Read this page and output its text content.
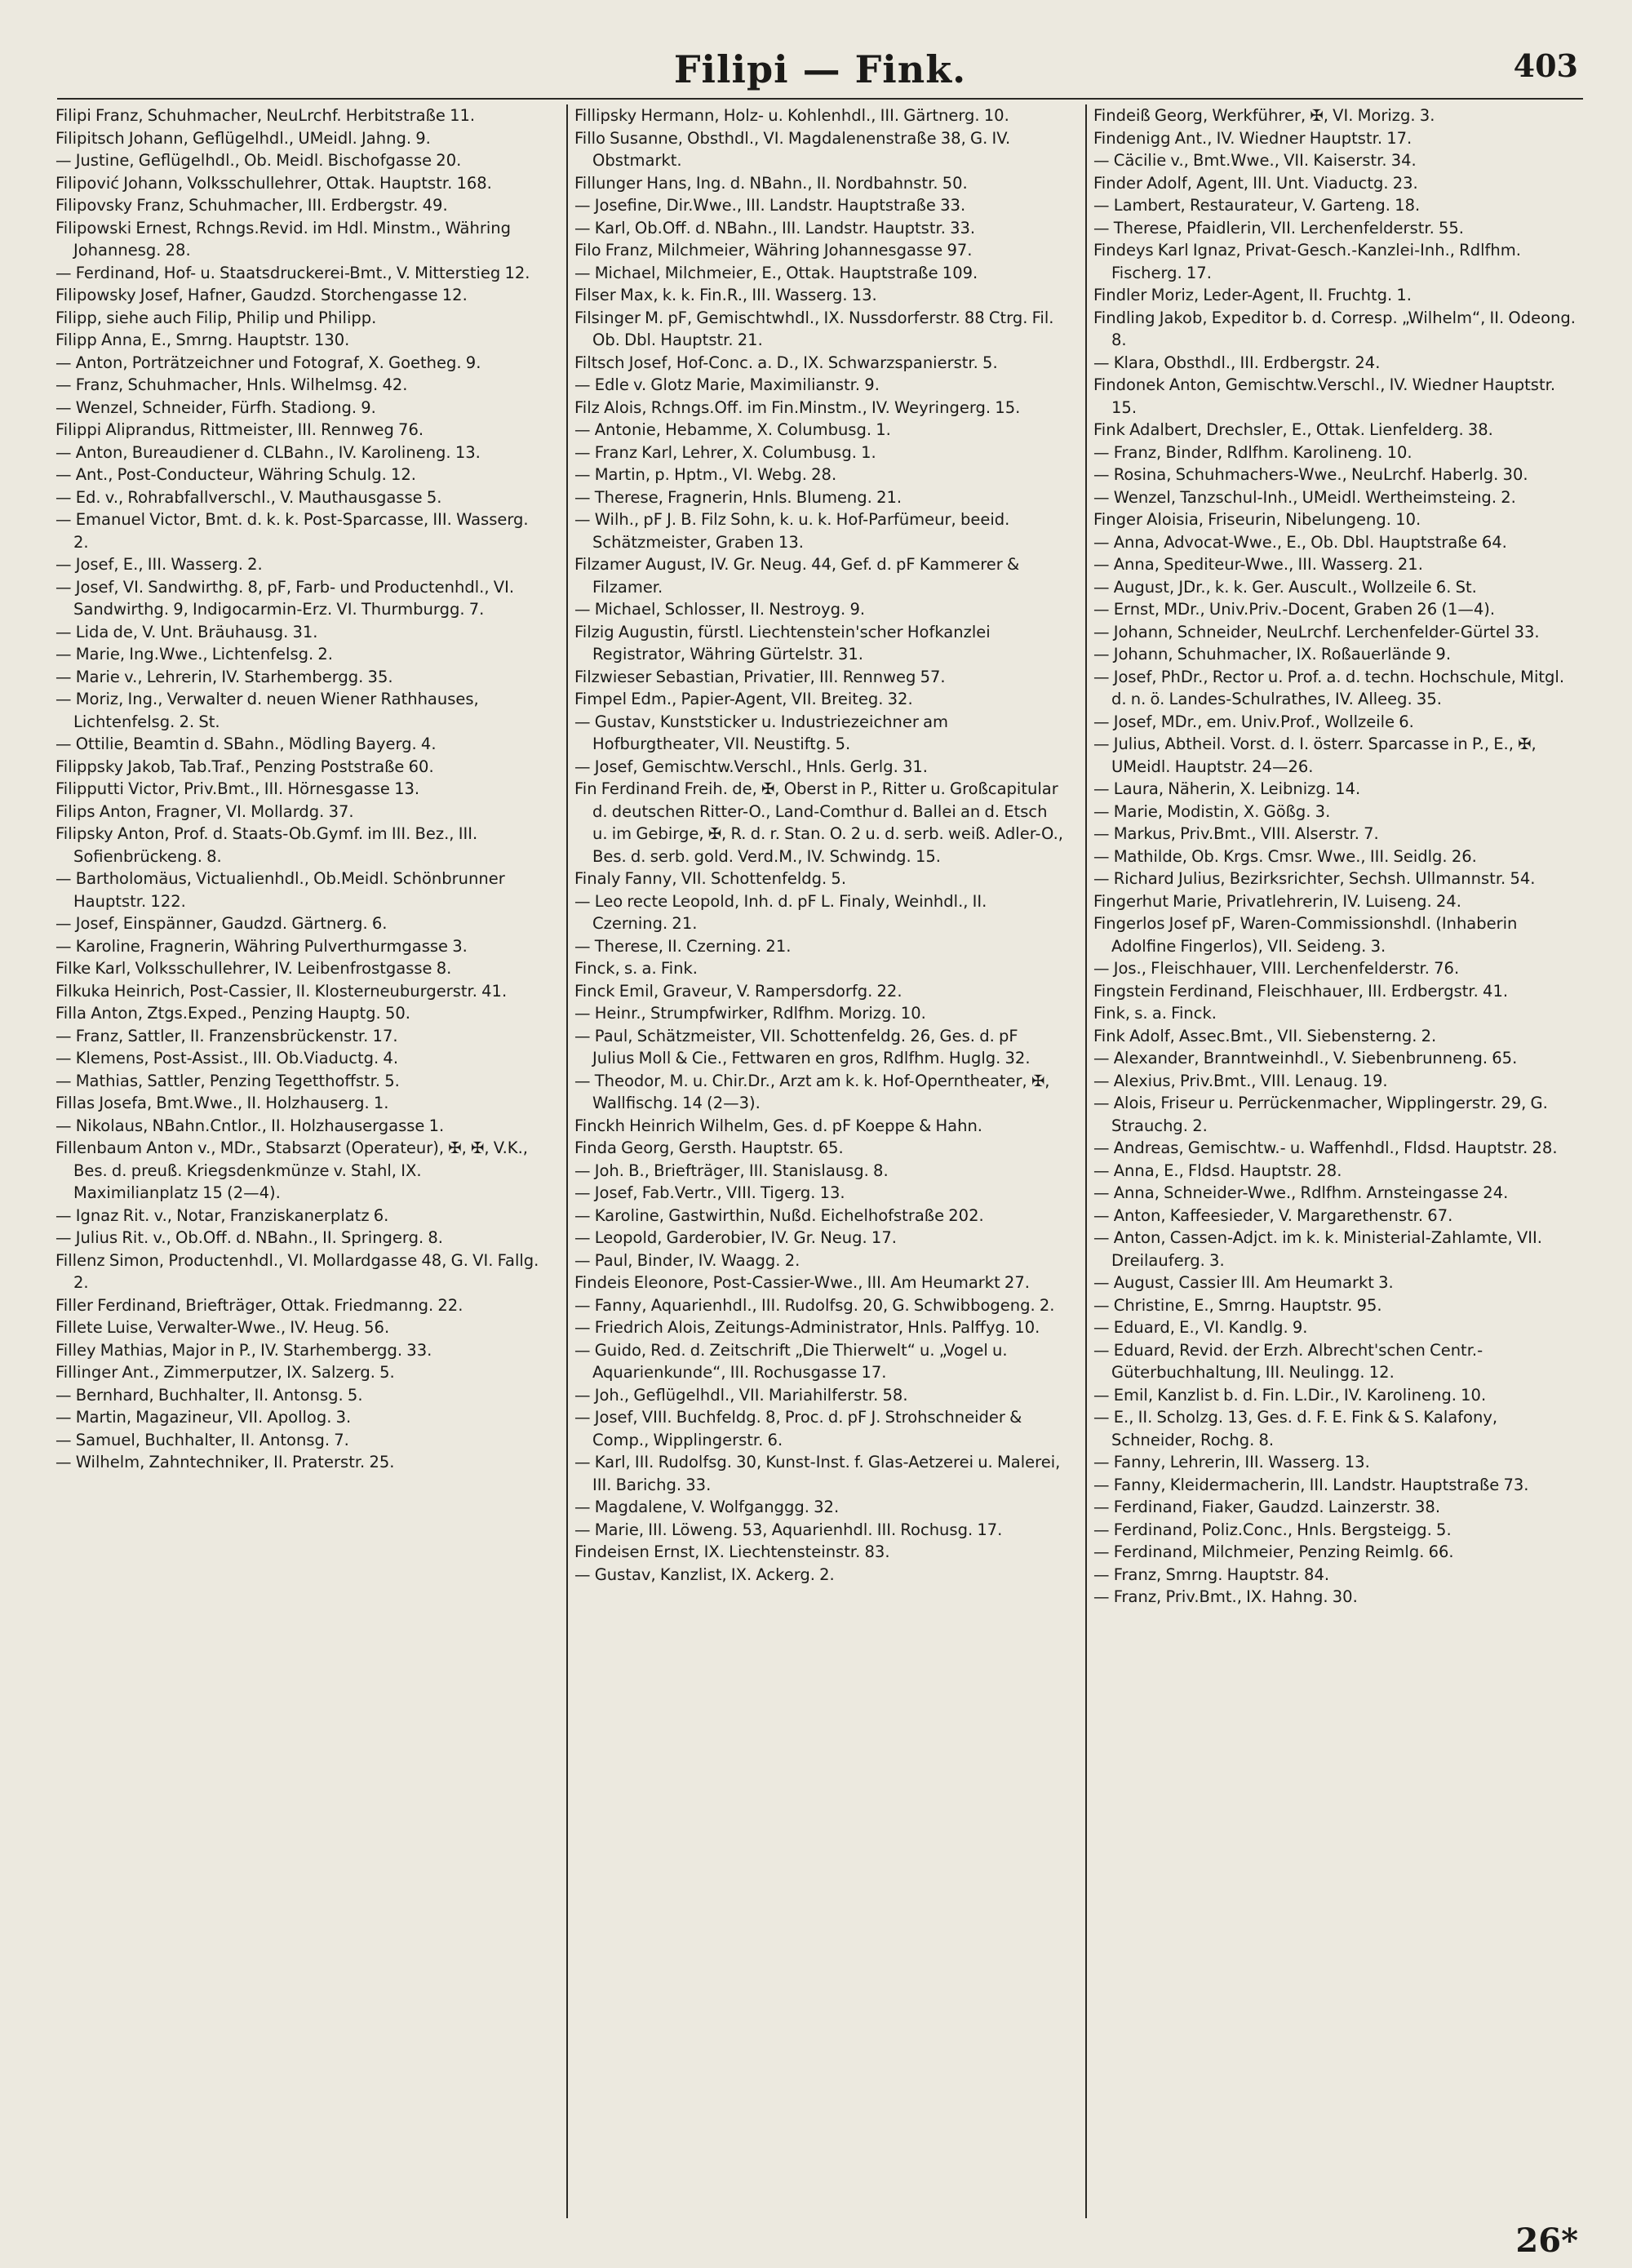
Filipi — Fink.	403

Filipi Franz, Schuhmacher, NeuLrchf. Herbitstraße 11.

Filipitsch Johann, Geflügelhdl., UMeidl. Jahng. 9.

— Justine, Geflügelhdl., Ob. Meidl. Bischofgasse 20.

Filipović Johann, Volksschullehrer, Ottak. Hauptstr. 168.

Filipovsky Franz, Schuhmacher, III. Erdbergstr. 49.

Filipowski Ernest, Rchngs.Revid. im Hdl. Minstm., Währing Johannesg. 28.

— Ferdinand, Hof- u. Staatsdruckerei-Bmt., V. Mitterstieg 12.

Filipowsky Josef, Hafner, Gaudzd. Storchengasse 12.

Filipp, siehe auch Filip, Philip und Philipp.

Filipp Anna, E., Smrng. Hauptstr. 130.

— Anton, Porträtzeichner und Fotograf, X. Goetheg. 9.

— Franz, Schuhmacher, Hnls. Wilhelmsg. 42.

— Wenzel, Schneider, Fürfh. Stadiong. 9.

Filippi Aliprandus, Rittmeister, III. Rennweg 76.

— Anton, Bureaudiener d. CLBahn., IV. Karolineng. 13.

— Ant., Post-Conducteur, Währing Schulg. 12.

— Ed. v., Rohrabfallverschl., V. Mauthausgasse 5.

— Emanuel Victor, Bmt. d. k. k. Post-Sparcasse, III. Wasserg. 2.

— Josef, E., III. Wasserg. 2.

— Josef, VI. Sandwirthg. 8, pF, Farb- und Productenhdl., VI. Sandwirthg. 9, Indigocarmin-Erz. VI. Thurmburgg. 7.

— Lida de, V. Unt. Bräuhausg. 31.

— Marie, Ing.Wwe., Lichtenfelsg. 2.

— Marie v., Lehrerin, IV. Starhembergg. 35.

— Moriz, Ing., Verwalter d. neuen Wiener Rathhauses, Lichtenfelsg. 2. St.

— Ottilie, Beamtin d. SBahn., Mödling Bayerg. 4.

Filippsky Jakob, Tab.Traf., Penzing Poststraße 60.

Filipputti Victor, Priv.Bmt., III. Hörnesgasse 13.

Filips Anton, Fragner, VI. Mollardg. 37.

Filipsky Anton, Prof. d. Staats-Ob.Gymf. im III. Bez., III. Sofienbrückeng. 8.

— Bartholomäus, Victualienhdl., Ob.Meidl. Schönbrunner Hauptstr. 122.

— Josef, Einspänner, Gaudzd. Gärtnerg. 6.

— Karoline, Fragnerin, Währing Pulverthurmgasse 3.

Filke Karl, Volksschullehrer, IV. Leibenfrostgasse 8.

Filkuka Heinrich, Post-Cassier, II. Klosterneuburgerstr. 41.

Filla Anton, Ztgs.Exped., Penzing Hauptg. 50.

— Franz, Sattler, II. Franzensbrückenstr. 17.

— Klemens, Post-Assist., III. Ob.Viaductg. 4.

— Mathias, Sattler, Penzing Tegetthoffstr. 5.

Fillas Josefa, Bmt.Wwe., II. Holzhauserg. 1.

— Nikolaus, NBahn.Cntlor., II. Holzhausergasse 1.

Fillenbaum Anton v., MDr., Stabsarzt (Operateur), ✠, ✠, V.K., Bes. d. preuß. Kriegsdenkmünze v. Stahl, IX. Maximilianplatz 15 (2—4).

— Ignaz Rit. v., Notar, Franziskanerplatz 6.

— Julius Rit. v., Ob.Off. d. NBahn., II. Springerg. 8.

Fillenz Simon, Productenhdl., VI. Mollardgasse 48, G. VI. Fallg. 2.

Filler Ferdinand, Briefträger, Ottak. Friedmanng. 22.

Fillete Luise, Verwalter-Wwe., IV. Heug. 56.

Filley Mathias, Major in P., IV. Starhembergg. 33.

Fillinger Ant., Zimmerputzer, IX. Salzerg. 5.

— Bernhard, Buchhalter, II. Antonsg. 5.

— Martin, Magazineur, VII. Apollog. 3.

— Samuel, Buchhalter, II. Antonsg. 7.

— Wilhelm, Zahntechniker, II. Praterstr. 25.

Fillipsky Hermann, Holz- u. Kohlenhdl., III. Gärtnerg. 10.

Fillo Susanne, Obsthdl., VI. Magdalenenstraße 38, G. IV. Obstmarkt.

Fillunger Hans, Ing. d. NBahn., II. Nordbahnstr. 50.

— Josefine, Dir.Wwe., III. Landstr. Hauptstraße 33.

— Karl, Ob.Off. d. NBahn., III. Landstr. Hauptstr. 33.

Filo Franz, Milchmeier, Währing Johannesgasse 97.

— Michael, Milchmeier, E., Ottak. Hauptstraße 109.

Filser Max, k. k. Fin.R., III. Wasserg. 13.

Filsinger M. pF, Gemischtwhdl., IX. Nussdorferstr. 88 Ctrg. Fil. Ob. Dbl. Hauptstr. 21.

Filtsch Josef, Hof-Conc. a. D., IX. Schwarzspanierstr. 5.

— Edle v. Glotz Marie, Maximilianstr. 9.

Filz Alois, Rchngs.Off. im Fin.Minstm., IV. Weyringerg. 15.

— Antonie, Hebamme, X. Columbusg. 1.

— Franz Karl, Lehrer, X. Columbusg. 1.

— Martin, p. Hptm., VI. Webg. 28.

— Therese, Fragnerin, Hnls. Blumeng. 21.

— Wilh., pF J. B. Filz Sohn, k. u. k. Hof-Parfümeur, beeid. Schätzmeister, Graben 13.

Filzamer August, IV. Gr. Neug. 44, Gef. d. pF Kammerer & Filzamer.

— Michael, Schlosser, II. Nestroyg. 9.

Filzig Augustin, fürstl. Liechtenstein'scher Hofkanzlei Registrator, Währing Gürtelstr. 31.

Filzwieser Sebastian, Privatier, III. Rennweg 57.

Fimpel Edm., Papier-Agent, VII. Breiteg. 32.

— Gustav, Kunststicker u. Industriezeichner am Hofburgtheater, VII. Neustiftg. 5.

— Josef, Gemischtw.Verschl., Hnls. Gerlg. 31.

Fin Ferdinand Freih. de, ✠, Oberst in P., Ritter u. Großcapitular d. deutschen Ritter-O., Land-Comthur d. Ballei an d. Etsch u. im Gebirge, ✠, R. d. r. Stan. O. 2 u. d. serb. weiß. Adler-O., Bes. d. serb. gold. Verd.M., IV. Schwindg. 15.

Finaly Fanny, VII. Schottenfeldg. 5.

— Leo recte Leopold, Inh. d. pF L. Finaly, Weinhdl., II. Czerning. 21.

— Therese, II. Czerning. 21.

Finck, s. a. Fink.

Finck Emil, Graveur, V. Rampersdorfg. 22.

— Heinr., Strumpfwirker, Rdlfhm. Morizg. 10.

— Paul, Schätzmeister, VII. Schottenfeldg. 26, Ges. d. pF Julius Moll & Cie., Fettwaren en gros, Rdlfhm. Huglg. 32.

— Theodor, M. u. Chir.Dr., Arzt am k. k. Hof-Operntheater, ✠, Wallfischg. 14 (2—3).

Finckh Heinrich Wilhelm, Ges. d. pF Koeppe & Hahn.

Finda Georg, Gersth. Hauptstr. 65.

— Joh. B., Briefträger, III. Stanislausg. 8.

— Josef, Fab.Vertr., VIII. Tigerg. 13.

— Karoline, Gastwirthin, Nußd. Eichelhofstraße 202.

— Leopold, Garderobier, IV. Gr. Neug. 17.

— Paul, Binder, IV. Waagg. 2.

Findeis Eleonore, Post-Cassier-Wwe., III. Am Heumarkt 27.

— Fanny, Aquarienhdl., III. Rudolfsg. 20, G. Schwibbogeng. 2.

— Friedrich Alois, Zeitungs-Administrator, Hnls. Palffyg. 10.

— Guido, Red. d. Zeitschrift „Die Thierwelt“ u. „Vogel u. Aquarienkunde“, III. Rochusgasse 17.

— Joh., Geflügelhdl., VII. Mariahilferstr. 58.

— Josef, VIII. Buchfeldg. 8, Proc. d. pF J. Strohschneider & Comp., Wipplingerstr. 6.

— Karl, III. Rudolfsg. 30, Kunst-Inst. f. Glas-Aetzerei u. Malerei, III. Barichg. 33.

— Magdalene, V. Wolfganggg. 32.

— Marie, III. Löweng. 53, Aquarienhdl. III. Rochusg. 17.

Findeisen Ernst, IX. Liechtensteinstr. 83.

— Gustav, Kanzlist, IX. Ackerg. 2.

Findeiß Georg, Werkführer, ✠, VI. Morizg. 3.

Findenigg Ant., IV. Wiedner Hauptstr. 17.

— Cäcilie v., Bmt.Wwe., VII. Kaiserstr. 34.

Finder Adolf, Agent, III. Unt. Viaductg. 23.

— Lambert, Restaurateur, V. Garteng. 18.

— Therese, Pfaidlerin, VII. Lerchenfelderstr. 55.

Findeys Karl Ignaz, Privat-Gesch.-Kanzlei-Inh., Rdlfhm. Fischerg. 17.

Findler Moriz, Leder-Agent, II. Fruchtg. 1.

Findling Jakob, Expeditor b. d. Corresp. „Wilhelm“, II. Odeong. 8.

— Klara, Obsthdl., III. Erdbergstr. 24.

Findonek Anton, Gemischtw.Verschl., IV. Wiedner Hauptstr. 15.

Fink Adalbert, Drechsler, E., Ottak. Lienfelderg. 38.

— Franz, Binder, Rdlfhm. Karolineng. 10.

— Rosina, Schuhmachers-Wwe., NeuLrchf. Haberlg. 30.

— Wenzel, Tanzschul-Inh., UMeidl. Wertheimsteing. 2.

Finger Aloisia, Friseurin, Nibelungeng. 10.

— Anna, Advocat-Wwe., E., Ob. Dbl. Hauptstraße 64.

— Anna, Spediteur-Wwe., III. Wasserg. 21.

— August, JDr., k. k. Ger. Auscult., Wollzeile 6. St.

— Ernst, MDr., Univ.Priv.-Docent, Graben 26 (1—4).

— Johann, Schneider, NeuLrchf. Lerchenfelder-Gürtel 33.

— Johann, Schuhmacher, IX. Roßauerlände 9.

— Josef, PhDr., Rector u. Prof. a. d. techn. Hochschule, Mitgl. d. n. ö. Landes-Schulrathes, IV. Alleeg. 35.

— Josef, MDr., em. Univ.Prof., Wollzeile 6.

— Julius, Abtheil. Vorst. d. I. österr. Sparcasse in P., E., ✠, UMeidl. Hauptstr. 24—26.

— Laura, Näherin, X. Leibnizg. 14.

— Marie, Modistin, X. Gößg. 3.

— Markus, Priv.Bmt., VIII. Alserstr. 7.

— Mathilde, Ob. Krgs. Cmsr. Wwe., III. Seidlg. 26.

— Richard Julius, Bezirksrichter, Sechsh. Ullmannstr. 54.

Fingerhut Marie, Privatlehrerin, IV. Luiseng. 24.

Fingerlos Josef pF, Waren-Commissionshdl. (Inhaberin Adolfine Fingerlos), VII. Seideng. 3.

— Jos., Fleischhauer, VIII. Lerchenfelderstr. 76.

Fingstein Ferdinand, Fleischhauer, III. Erdbergstr. 41.

Fink, s. a. Finck.

Fink Adolf, Assec.Bmt., VII. Siebensterng. 2.

— Alexander, Branntweinhdl., V. Siebenbrunneng. 65.

— Alexius, Priv.Bmt., VIII. Lenaug. 19.

— Alois, Friseur u. Perrückenmacher, Wipplingerstr. 29, G. Strauchg. 2.

— Andreas, Gemischtw.- u. Waffenhdl., Fldsd. Hauptstr. 28.

— Anna, E., Fldsd. Hauptstr. 28.

— Anna, Schneider-Wwe., Rdlfhm. Arnsteingasse 24.

— Anton, Kaffeesieder, V. Margarethenstr. 67.

— Anton, Cassen-Adjct. im k. k. Ministerial-Zahlamte, VII. Dreilauferg. 3.

— August, Cassier III. Am Heumarkt 3.

— Christine, E., Smrng. Hauptstr. 95.

— Eduard, E., VI. Kandlg. 9.

— Eduard, Revid. der Erzh. Albrecht'schen Centr.-Güterbuchhaltung, III. Neulingg. 12.

— Emil, Kanzlist b. d. Fin. L.Dir., IV. Karolineng. 10.

— E., II. Scholzg. 13, Ges. d. F. E. Fink & S. Kalafony, Schneider, Rochg. 8.

— Fanny, Lehrerin, III. Wasserg. 13.

— Fanny, Kleidermacherin, III. Landstr. Hauptstraße 73.

— Ferdinand, Fiaker, Gaudzd. Lainzerstr. 38.

— Ferdinand, Poliz.Conc., Hnls. Bergsteigg. 5.

— Ferdinand, Milchmeier, Penzing Reimlg. 66.

— Franz, Smrng. Hauptstr. 84.

— Franz, Priv.Bmt., IX. Hahng. 30.

26*
